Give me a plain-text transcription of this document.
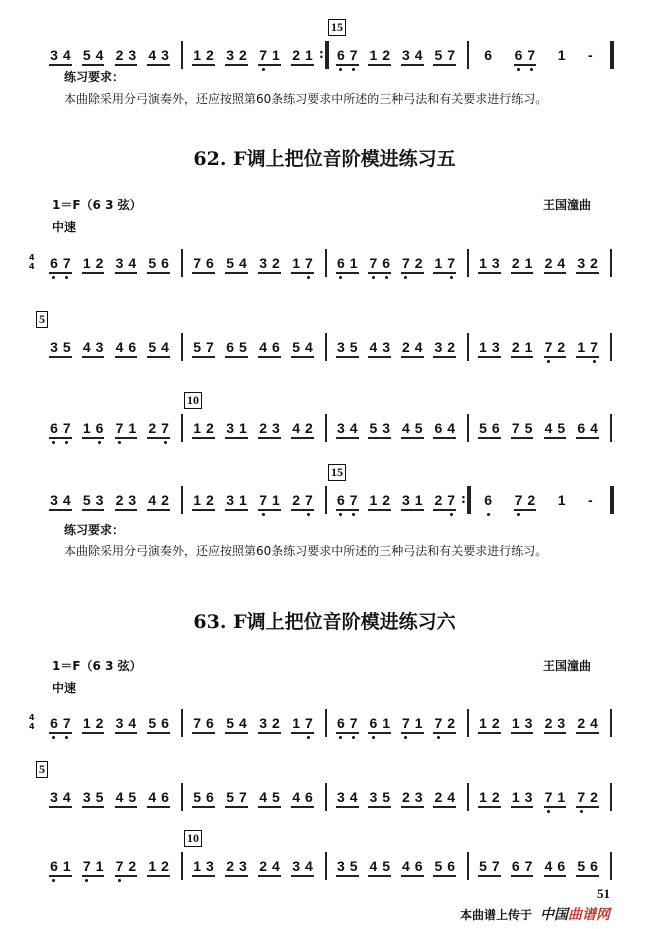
3 4 5 4 2 3 4 3 1 2 3 2 7 1 2 1 : 6 7 1 2 3 4 5 7 6 6 7 1 -
15
练习要求：
本曲除采用分弓演奏外，还应按照第60条练习要求中所述的三种弓法和有关要求进行练习。
62. F调上把位音阶模进练习五
1＝F（6 3 弦）	王国潼曲
中速
4
4 6 7 1 2 3 4 5 6 7 6 5 4 3 2 1 7 6 1 7 6 7 2 1 7 1 3 2 1 2 4 3 2
3 5 4 3 4 6 5 4 5 7 6 5 4 6 5 4 3 5 4 3 2 4 3 2 1 3 2 1 7 2 1 7
5
6 7 1 6 7 1 2 7 1 2 3 1 2 3 4 2 3 4 5 3 4 5 6 4 5 6 7 5 4 5 6 4
10
3 4 5 3 2 3 4 2 1 2 3 1 7 1 2 7 6 7 1 2 3 1 2 7 : 6 7 2 1 -
15
练习要求：
本曲除采用分弓演奏外，还应按照第60条练习要求中所述的三种弓法和有关要求进行练习。
63. F调上把位音阶模进练习六
1＝F（6 3 弦）	王国潼曲
中速
4
4 6 7 1 2 3 4 5 6 7 6 5 4 3 2 1 7 6 7 6 1 7 1 7 2 1 2 1 3 2 3 2 4
3 4 3 5 4 5 4 6 5 6 5 7 4 5 4 6 3 4 3 5 2 3 2 4 1 2 1 3 7 1 7 2
5
6 1 7 1 7 2 1 2 1 3 2 3 2 4 3 4 3 5 4 5 4 6 5 6 5 7 6 7 4 6 5 6
10
51
本曲谱上传于 中国曲谱网
